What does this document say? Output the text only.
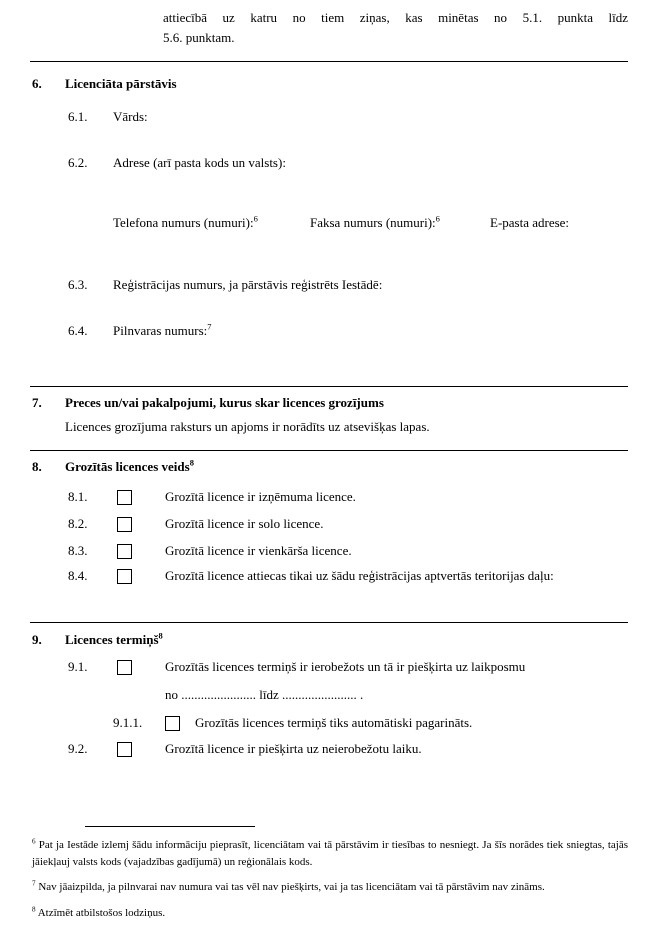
attiecībā uz katru no tiem ziņas, kas minētas no 5.1. punkta līdz
5.6. punktam.
6.	Licenciāta pārstāvis
6.1.	Vārds:
6.2.	Adrese (arī pasta kods un valsts):
Telefona numurs (numuri):$^6$	Faksa numurs (numuri):$^6$	E-pasta adrese:
6.3.	Reģistrācijas numurs, ja pārstāvis reģistrēts Iestādē:
6.4.	Pilnvaras numurs:$^7$
7.	Preces un/vai pakalpojumi, kurus skar licences grozījums
Licences grozījuma raksturs un apjoms ir norādīts uz atsevišķas lapas.
8.	Grozītās licences veids$^8$
8.1.	Grozītā licence ir izņēmuma licence.
8.2.	Grozītā licence ir solo licence.
8.3.	Grozītā licence ir vienkārša licence.
8.4.	Grozītā licence attiecas tikai uz šādu reģistrācijas aptvertās teritorijas daļu:
9.	Licences termiņš$^8$
9.1.	Grozītās licences termiņš ir ierobežots un tā ir piešķirta uz laikposmu
no ....................... līdz ....................... .
9.1.1.	Grozītās licences termiņš tiks automātiski pagarināts.
9.2.	Grozītā licence ir piešķirta uz neierobežotu laiku.

$^6$ Pat ja Iestāde izlemj šādu informāciju pieprasīt, licenciātam vai tā pārstāvim ir tiesības to nesniegt. Ja šīs norādes tiek sniegtas, tajās jāiekļauj valsts kods (vajadzības gadījumā) un reģionālais kods.

$^7$ Nav jāaizpilda, ja pilnvarai nav numura vai tas vēl nav piešķirts, vai ja tas licenciātam vai tā pārstāvim nav zināms.

$^8$ Atzīmēt atbilstošos lodziņus.
